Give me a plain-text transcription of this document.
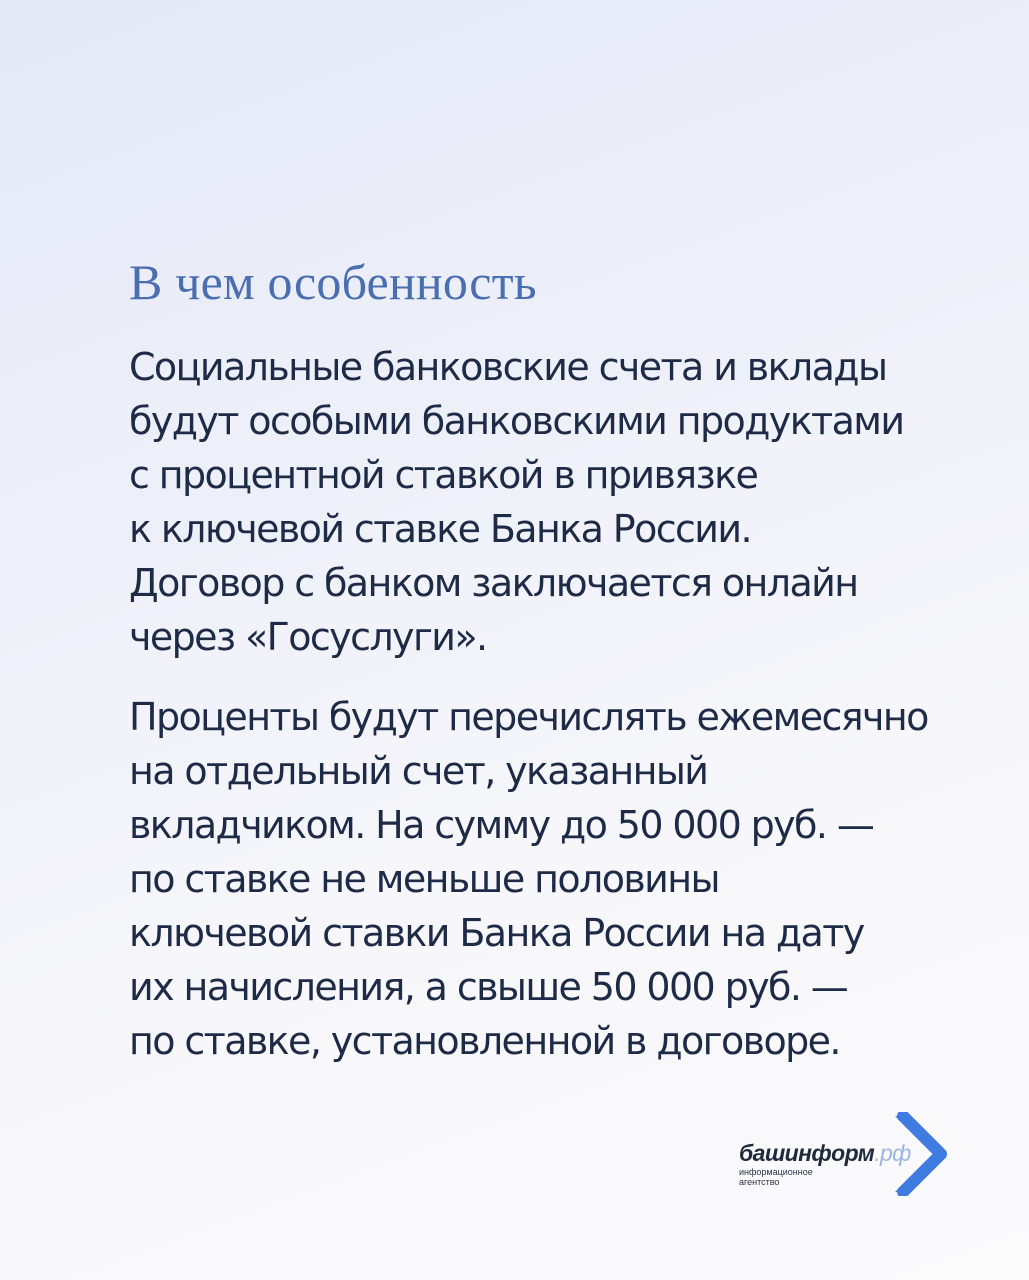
В чем особенность

Социальные банковские счета и вклады
будут особыми банковскими продуктами
с процентной ставкой в привязке
к ключевой ставке Банка России.
Договор с банком заключается онлайн
через «Госуслуги».

Проценты будут перечислять ежемесячно
на отдельный счет, указанный
вкладчиком. На сумму до 50 000 руб. —
по ставке не меньше половины
ключевой ставки Банка России на дату
их начисления, а свыше 50 000 руб. —
по ставке, установленной в договоре.

башинформ.рф
информационное
агентство
